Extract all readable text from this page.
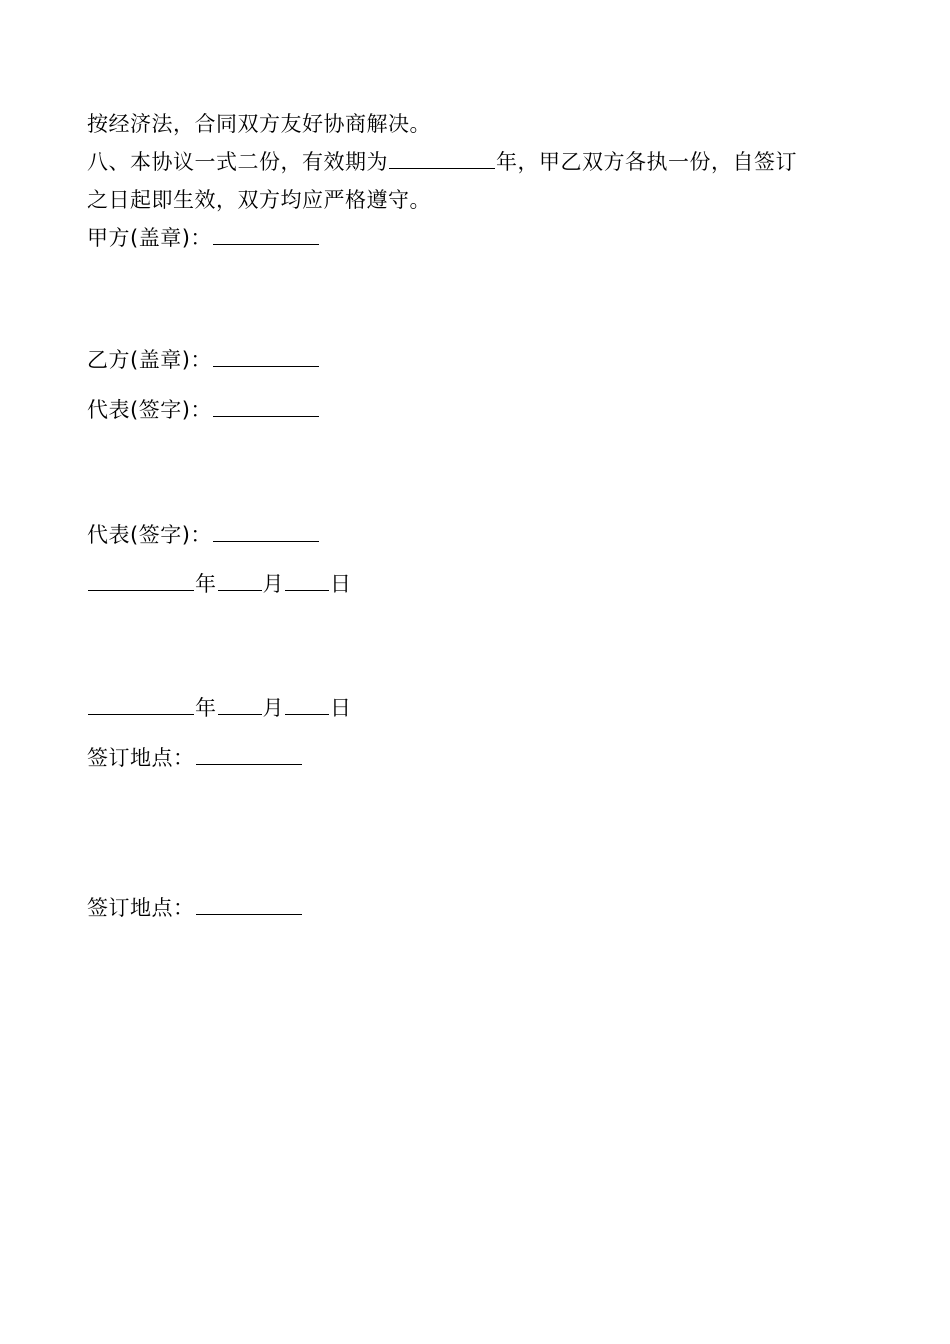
按经济法，合同双方友好协商解决。
八、本协议一式二份，有效期为	年，甲乙双方各执一份，自签订
之日起即生效，双方均应严格遵守。
甲方(盖章)：
乙方(盖章)：
代表(签字)：
代表(签字)：
年 月 日
年 月 日
签订地点：
签订地点：
